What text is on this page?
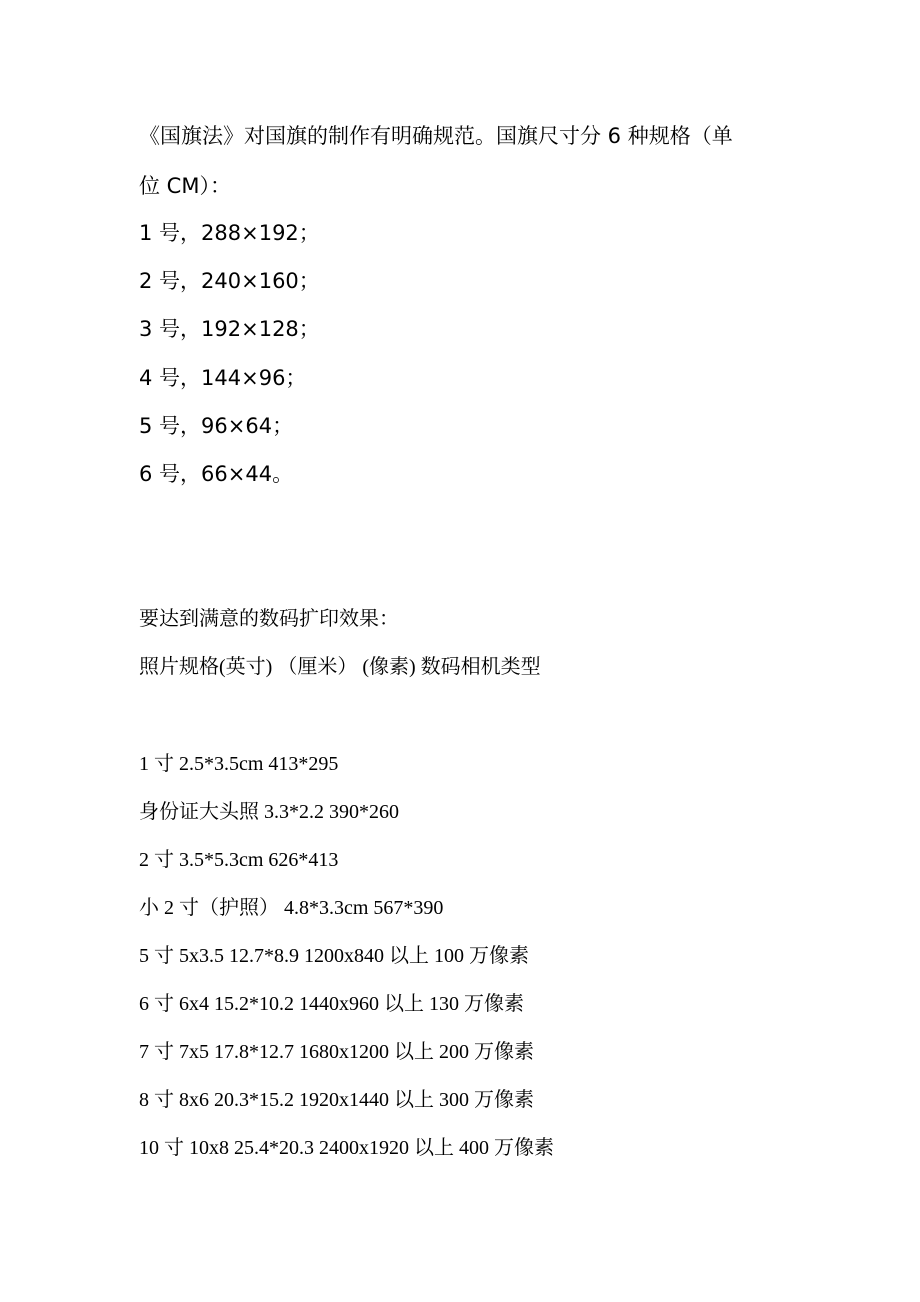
《国旗法》对国旗的制作有明确规范。国旗尺寸分 6 种规格（单

位 CM）：

1 号，288×192；

2 号，240×160；

3 号，192×128；

4 号，144×96；

5 号，96×64；

6 号，66×44。

要达到满意的数码扩印效果：

照片规格(英寸) （厘米） (像素) 数码相机类型

1 寸 2.5*3.5cm 413*295

身份证大头照 3.3*2.2 390*260

2 寸 3.5*5.3cm 626*413

小 2 寸（护照） 4.8*3.3cm 567*390

5 寸 5x3.5 12.7*8.9 1200x840 以上 100 万像素

6 寸 6x4 15.2*10.2 1440x960 以上 130 万像素

7 寸 7x5 17.8*12.7 1680x1200 以上 200 万像素

8 寸 8x6 20.3*15.2 1920x1440 以上 300 万像素

10 寸 10x8 25.4*20.3 2400x1920 以上 400 万像素
